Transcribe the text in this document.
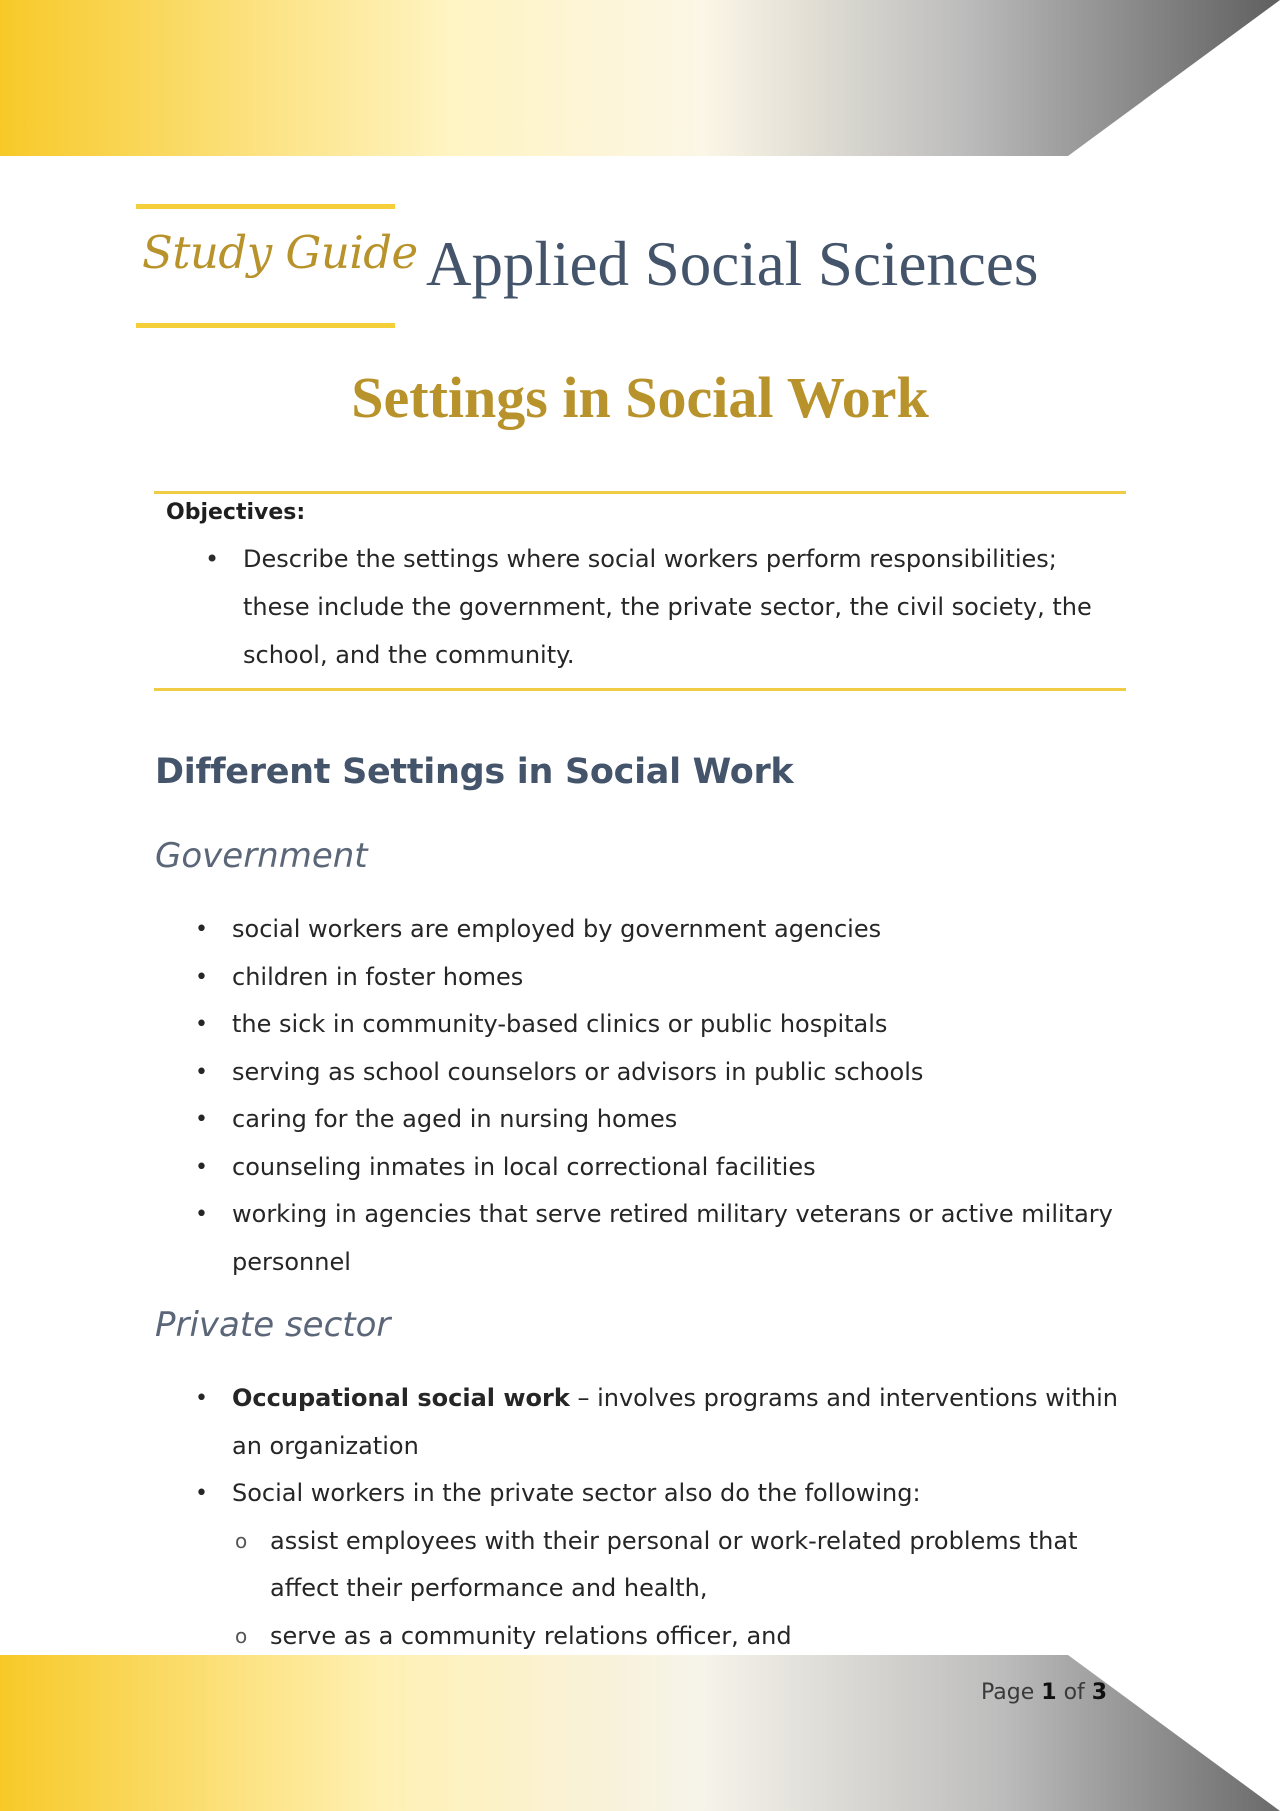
Study Guide Applied Social Sciences
Settings in Social Work
Objectives:
• Describe the settings where social workers perform responsibilities; these include the government, the private sector, the civil society, the school, and the community.
Different Settings in Social Work
Government
• social workers are employed by government agencies
• children in foster homes
• the sick in community-based clinics or public hospitals
• serving as school counselors or advisors in public schools
• caring for the aged in nursing homes
• counseling inmates in local correctional facilities
• working in agencies that serve retired military veterans or active military personnel
Private sector
• Occupational social work – involves programs and interventions within an organization
• Social workers in the private sector also do the following:
o assist employees with their personal or work-related problems that affect their performance and health,
o serve as a community relations officer, and
Page 1 of 3
